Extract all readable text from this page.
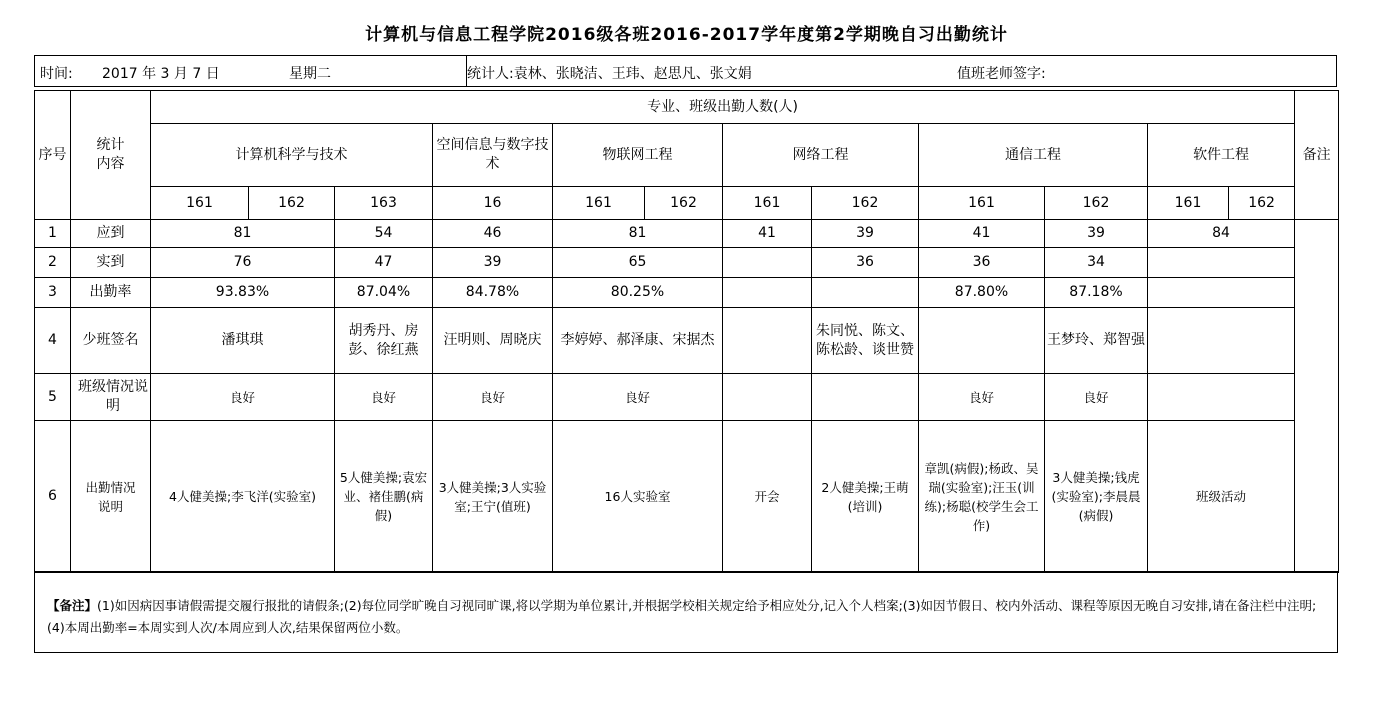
计算机与信息工程学院2016级各班2016-2017学年度第2学期晚自习出勤统计
时间: 2017 年 3 月 7 日	星期二	统计人:袁林、张晓洁、王玮、赵思凡、张文娟	值班老师签字:
序号	统计内容	专业、班级出勤人数(人)												备注
		计算机科学与技术			空间信息与数字技术	物联网工程		网络工程		通信工程		软件工程		
		161	162	163	16	161	162	161	162	161	162	161	162	
1	应到	81		54	46	81		41	39	41	39	84		
2	实到	76		47	39	65			36	36	34			
3	出勤率	93.83%		87.04%	84.78%	80.25%				87.80%	87.18%			
4	少班签名	潘琪琪		胡秀丹、房彭、徐红燕	汪明则、周晓庆	李婷婷、郝泽康、宋据杰			朱同悦、陈文、陈松龄、谈世赞		王梦玲、郑智强			
5	班级情况说明	良好		良好	良好	良好				良好	良好			
6	出勤情况说明	4人健美操;李飞洋(实验室)		5人健美操;袁宏业、褚佳鹏(病假)	3人健美操;3人实验室;王宁(值班)	16人实验室		开会	2人健美操;王萌(培训)	章凯(病假);杨政、吴瑞(实验室);汪玉(训练);杨聪(校学生会工作)	3人健美操;钱虎(实验室);李晨晨(病假)	班级活动		
【备注】(1)如因病因事请假需提交履行报批的请假条;(2)每位同学旷晚自习视同旷课,将以学期为单位累计,并根据学校相关规定给予相应处分,记入个人档案;(3)如因节假日、校内外活动、课程等原因无晚自习安排,请在备注栏中注明;(4)本周出勤率=本周实到人次/本周应到人次,结果保留两位小数。
